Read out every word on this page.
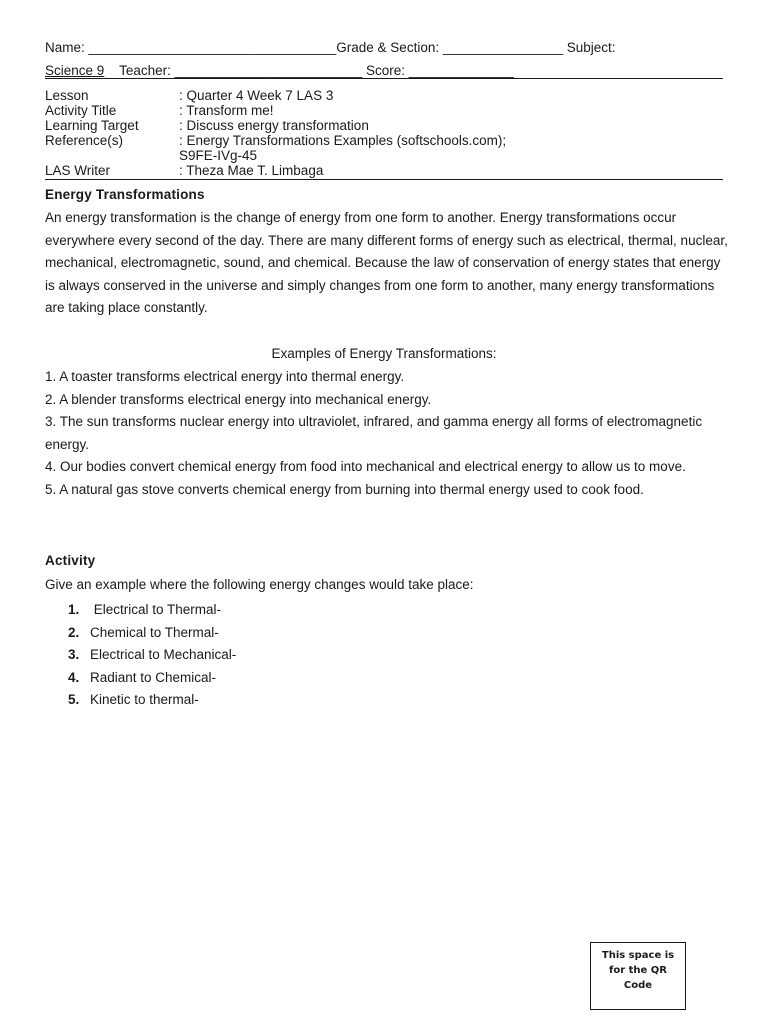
Name: _________________________________Grade & Section: ________________ Subject:
Science 9 Teacher: _________________________ Score: ______________
Lesson	: Quarter 4 Week 7 LAS 3
Activity Title	: Transform me!
Learning Target	: Discuss energy transformation
Reference(s)	: Energy Transformations Examples (softschools.com);
S9FE-IVg-45
LAS Writer	: Theza Mae T. Limbaga
Energy Transformations
An energy transformation is the change of energy from one form to another. Energy transformations occur everywhere every second of the day. There are many different forms of energy such as electrical, thermal, nuclear, mechanical, electromagnetic, sound, and chemical. Because the law of conservation of energy states that energy is always conserved in the universe and simply changes from one form to another, many energy transformations are taking place constantly.
Examples of Energy Transformations:
1. A toaster transforms electrical energy into thermal energy.
2. A blender transforms electrical energy into mechanical energy.
3. The sun transforms nuclear energy into ultraviolet, infrared, and gamma energy all forms of electromagnetic energy.
4. Our bodies convert chemical energy from food into mechanical and electrical energy to allow us to move.
5. A natural gas stove converts chemical energy from burning into thermal energy used to cook food.
Activity
Give an example where the following energy changes would take place:
1. Electrical to Thermal-
2. Chemical to Thermal-
3. Electrical to Mechanical-
4. Radiant to Chemical-
5. Kinetic to thermal-
This space is
for the QR
Code
